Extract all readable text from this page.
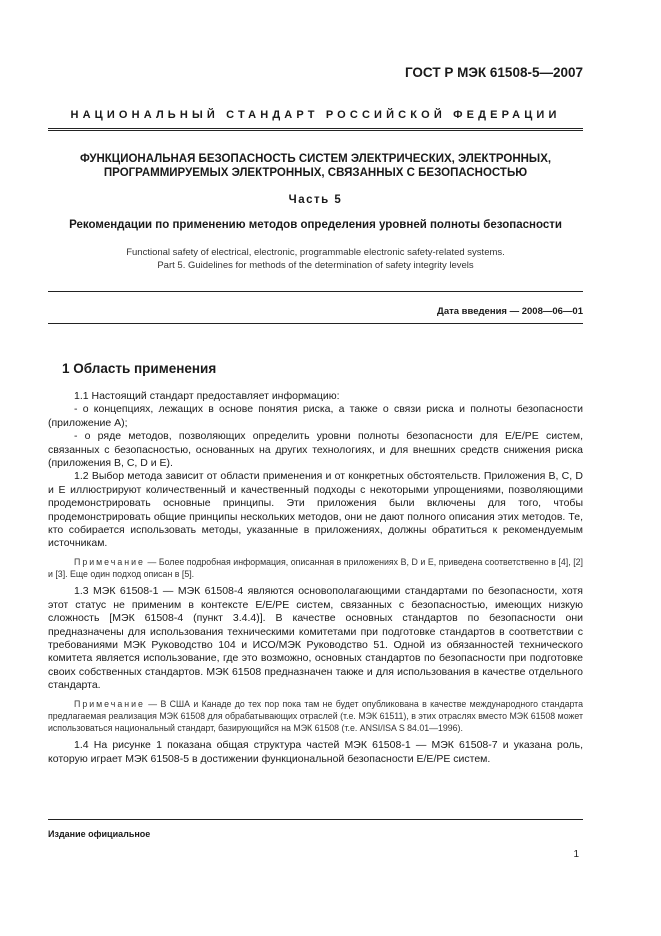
ГОСТ Р МЭК 61508-5—2007
НАЦИОНАЛЬНЫЙ СТАНДАРТ РОССИЙСКОЙ ФЕДЕРАЦИИ
ФУНКЦИОНАЛЬНАЯ БЕЗОПАСНОСТЬ СИСТЕМ ЭЛЕКТРИЧЕСКИХ, ЭЛЕКТРОННЫХ,
ПРОГРАММИРУЕМЫХ ЭЛЕКТРОННЫХ, СВЯЗАННЫХ С БЕЗОПАСНОСТЬЮ
Часть 5
Рекомендации по применению методов определения уровней полноты безопасности
Functional safety of electrical, electronic, programmable electronic safety-related systems.
Part 5. Guidelines for methods of the determination of safety integrity levels
Дата введения — 2008—06—01
1 Область применения

1.1 Настоящий стандарт предоставляет информацию:

- о концепциях, лежащих в основе понятия риска, а также о связи риска и полноты безопасности (приложение А);

- о ряде методов, позволяющих определить уровни полноты безопасности для Е/Е/РЕ систем, связанных с безопасностью, основанных на других технологиях, и для внешних средств снижения риска (приложения В, С, D и Е).

1.2 Выбор метода зависит от области применения и от конкретных обстоятельств. Приложения В, С, D и Е иллюстрируют количественный и качественный подходы с некоторыми упрощениями, позволяющими продемонстрировать основные принципы. Эти приложения были включены для того, чтобы продемонстрировать общие принципы нескольких методов, они не дают полного описания этих методов. Те, кто собирается использовать методы, указанные в приложениях, должны обратиться к рекомендуемым источникам.

Примечание — Более подробная информация, описанная в приложениях В, D и Е, приведена соответственно в [4], [2] и [3]. Еще один подход описан в [5].

1.3 МЭК 61508-1 — МЭК 61508-4 являются основополагающими стандартами по безопасности, хотя этот статус не применим в контексте Е/Е/РЕ систем, связанных с безопасностью, имеющих низкую сложность [МЭК 61508-4 (пункт 3.4.4)]. В качестве основных стандартов по безопасности они предназначены для использования техническими комитетами при подготовке стандартов в соответствии с требованиями МЭК Руководство 104 и ИСО/МЭК Руководство 51. Одной из обязанностей технического комитета является использование, где это возможно, основных стандартов по безопасности при подготовке своих собственных стандартов. МЭК 61508 предназначен также и для использования в качестве отдельного стандарта.

Примечание — В США и Канаде до тех пор пока там не будет опубликована в качестве международного стандарта предлагаемая реализация МЭК 61508 для обрабатывающих отраслей (т.е. МЭК 61511), в этих отраслях вместо МЭК 61508 может использоваться национальный стандарт, базирующийся на МЭК 61508 (т.е. ANSI/ISA S 84.01—1996).

1.4 На рисунке 1 показана общая структура частей МЭК 61508-1 — МЭК 61508-7 и указана роль, которую играет МЭК 61508-5 в достижении функциональной безопасности Е/Е/РЕ систем.

Издание официальное
1
